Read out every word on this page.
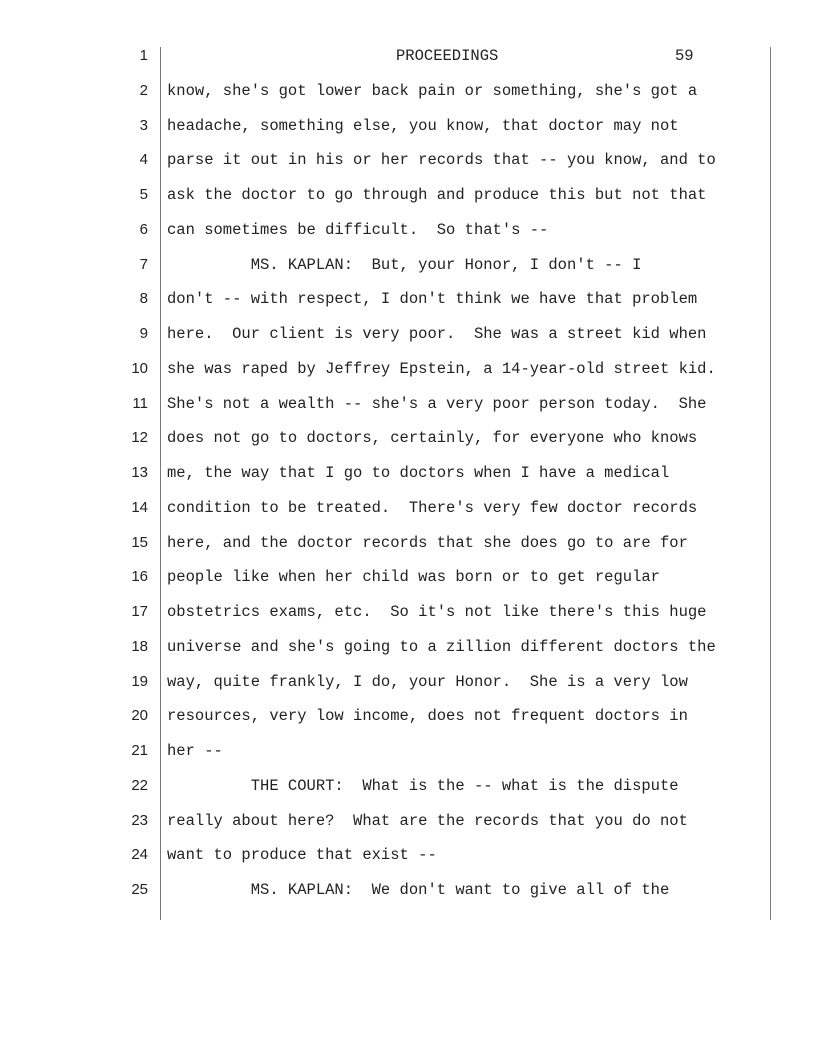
1	PROCEEDINGS	59
2 know, she's got lower back pain or something, she's got a
3 headache, something else, you know, that doctor may not
4 parse it out in his or her records that -- you know, and to
5 ask the doctor to go through and produce this but not that
6 can sometimes be difficult.  So that's --
7 MS. KAPLAN:  But, your Honor, I don't -- I
8 don't -- with respect, I don't think we have that problem
9 here.  Our client is very poor.  She was a street kid when
10 she was raped by Jeffrey Epstein, a 14-year-old street kid.
11 She's not a wealth -- she's a very poor person today.  She
12 does not go to doctors, certainly, for everyone who knows
13 me, the way that I go to doctors when I have a medical
14 condition to be treated.  There's very few doctor records
15 here, and the doctor records that she does go to are for
16 people like when her child was born or to get regular
17 obstetrics exams, etc.  So it's not like there's this huge
18 universe and she's going to a zillion different doctors the
19 way, quite frankly, I do, your Honor.  She is a very low
20 resources, very low income, does not frequent doctors in
21 her --
22 THE COURT:  What is the -- what is the dispute
23 really about here?  What are the records that you do not
24 want to produce that exist --
25 MS. KAPLAN:  We don't want to give all of the
